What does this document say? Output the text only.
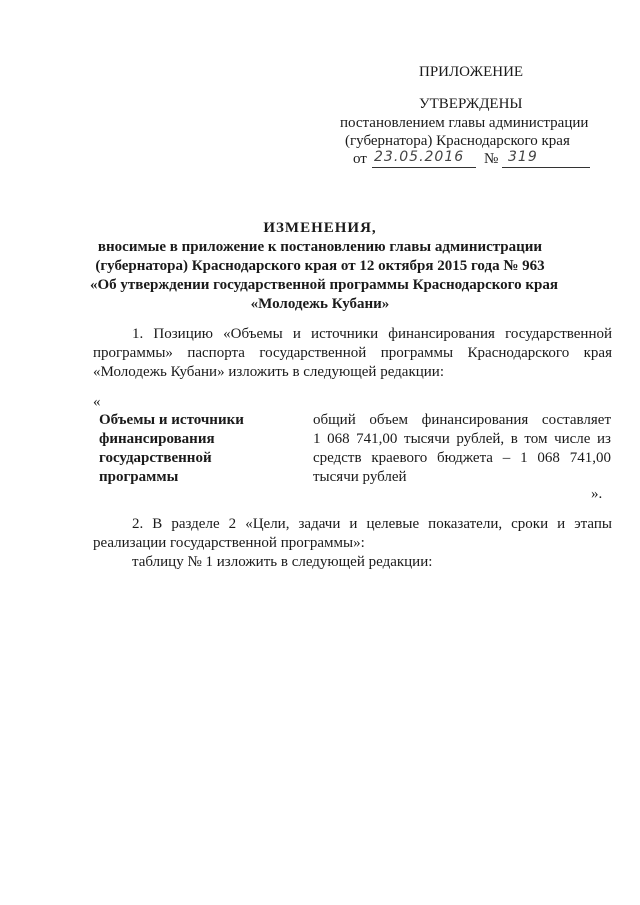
ПРИЛОЖЕНИЕ
УТВЕРЖДЕНЫ
постановлением главы администрации
(губернатора) Краснодарского края
от 23.05.2016 № 319
ИЗМЕНЕНИЯ,
вносимые в приложение к постановлению главы администрации
(губернатора) Краснодарского края от 12 октября 2015 года № 963
«Об утверждении государственной программы Краснодарского края
«Молодежь Кубани»
1. Позицию «Объемы и источники финансирования государственной
программы» паспорта государственной программы Краснодарского края
«Молодежь Кубани» изложить в следующей редакции:
«
Объемы и источники
финансирования
государственной
программы
общий объем финансирования составляет
1 068 741,00 тысячи рублей, в том числе из
средств краевого бюджета – 1 068 741,00
тысячи рублей
».
2. В разделе 2 «Цели, задачи и целевые показатели, сроки и этапы
реализации государственной программы»:
таблицу № 1 изложить в следующей редакции:
